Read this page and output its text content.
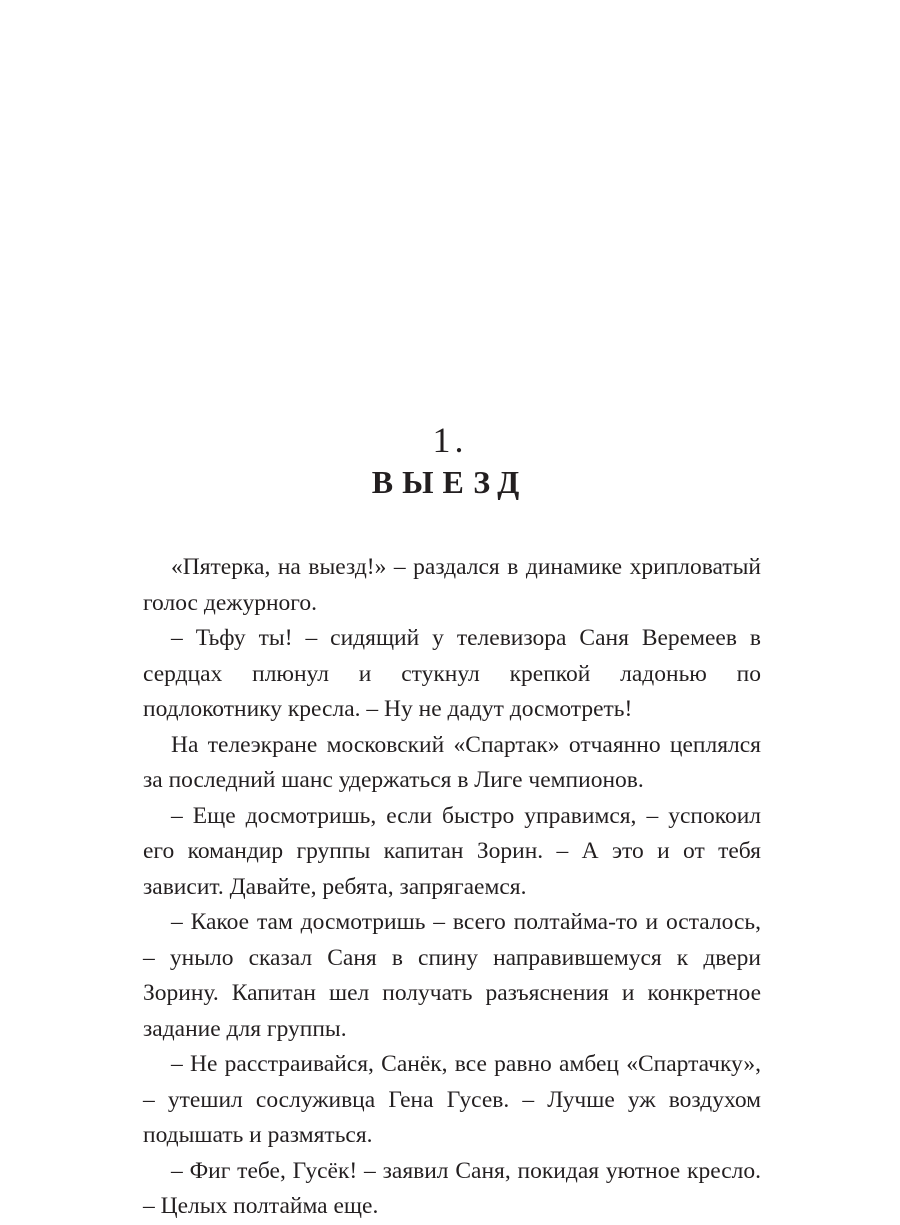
1.
ВЫЕЗД

«Пятерка, на выезд!» – раздался в динамике хрипловатый голос дежурного.

– Тьфу ты! – сидящий у телевизора Саня Веремеев в сердцах плюнул и стукнул крепкой ладонью по подлокотнику кресла. – Ну не дадут досмотреть!

На телеэкране московский «Спартак» отчаянно цеплялся за последний шанс удержаться в Лиге чемпионов.

– Еще досмотришь, если быстро управимся, – успокоил его командир группы капитан Зорин. – А это и от тебя зависит. Давайте, ребята, запрягаемся.

– Какое там досмотришь – всего полтайма-то и осталось, – уныло сказал Саня в спину направившемуся к двери Зорину. Капитан шел получать разъяснения и конкретное задание для группы.

– Не расстраивайся, Санёк, все равно амбец «Спартачку», – утешил сослуживца Гена Гусев. – Лучше уж воздухом подышать и размяться.

– Фиг тебе, Гусёк! – заявил Саня, покидая уютное кресло. – Целых полтайма еще.
